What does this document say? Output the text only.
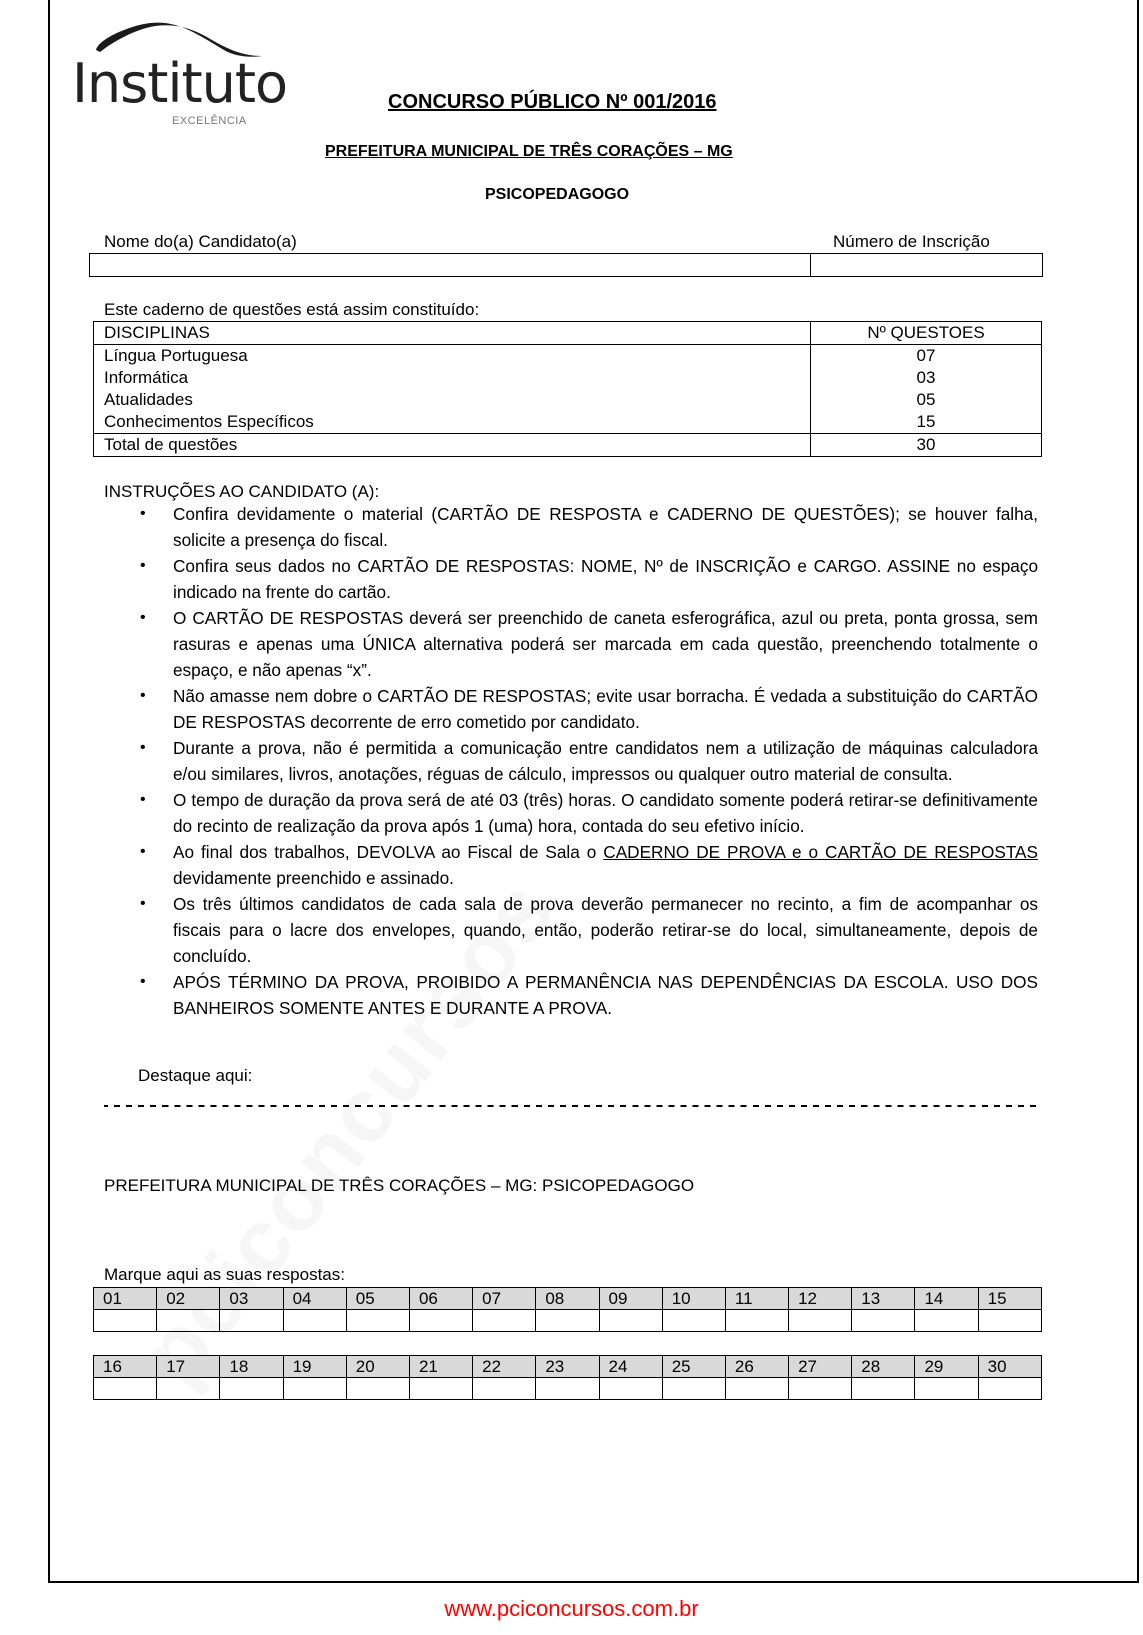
Instituto
EXCELÊNCIA
CONCURSO PÚBLICO Nº 001/2016
PREFEITURA MUNICIPAL DE TRÊS CORAÇÕES – MG
PSICOPEDAGOGO
Nome do(a) Candidato(a)	Número de Inscrição
Este caderno de questões está assim constituído:
DISCIPLINAS	Nº QUESTOES
Língua Portuguesa	07
Informática	03
Atualidades	05
Conhecimentos Específicos	15
Total de questões	30
INSTRUÇÕES AO CANDIDATO (A):
• Confira devidamente o material (CARTÃO DE RESPOSTA e CADERNO DE QUESTÕES); se houver falha, solicite a presença do fiscal.
• Confira seus dados no CARTÃO DE RESPOSTAS: NOME, Nº de INSCRIÇÃO e CARGO. ASSINE no espaço indicado na frente do cartão.
• O CARTÃO DE RESPOSTAS deverá ser preenchido de caneta esferográfica, azul ou preta, ponta grossa, sem rasuras e apenas uma ÚNICA alternativa poderá ser marcada em cada questão, preenchendo totalmente o espaço, e não apenas “x”.
• Não amasse nem dobre o CARTÃO DE RESPOSTAS; evite usar borracha. É vedada a substituição do CARTÃO DE RESPOSTAS decorrente de erro cometido por candidato.
• Durante a prova, não é permitida a comunicação entre candidatos nem a utilização de máquinas calculadora e/ou similares, livros, anotações, réguas de cálculo, impressos ou qualquer outro material de consulta.
• O tempo de duração da prova será de até 03 (três) horas. O candidato somente poderá retirar-se definitivamente do recinto de realização da prova após 1 (uma) hora, contada do seu efetivo início.
• Ao final dos trabalhos, DEVOLVA ao Fiscal de Sala o CADERNO DE PROVA e o CARTÃO DE RESPOSTAS devidamente preenchido e assinado.
• Os três últimos candidatos de cada sala de prova deverão permanecer no recinto, a fim de acompanhar os fiscais para o lacre dos envelopes, quando, então, poderão retirar-se do local, simultaneamente, depois de concluído.
• APÓS TÉRMINO DA PROVA, PROIBIDO A PERMANÊNCIA NAS DEPENDÊNCIAS DA ESCOLA. USO DOS BANHEIROS SOMENTE ANTES E DURANTE A PROVA.
Destaque aqui:
PREFEITURA MUNICIPAL DE TRÊS CORAÇÕES – MG: PSICOPEDAGOGO
Marque aqui as suas respostas:
01	02	03	04	05	06	07	08	09	10	11	12	13	14	15

16	17	18	19	20	21	22	23	24	25	26	27	28	29	30

www.pciconcursos.com.br
